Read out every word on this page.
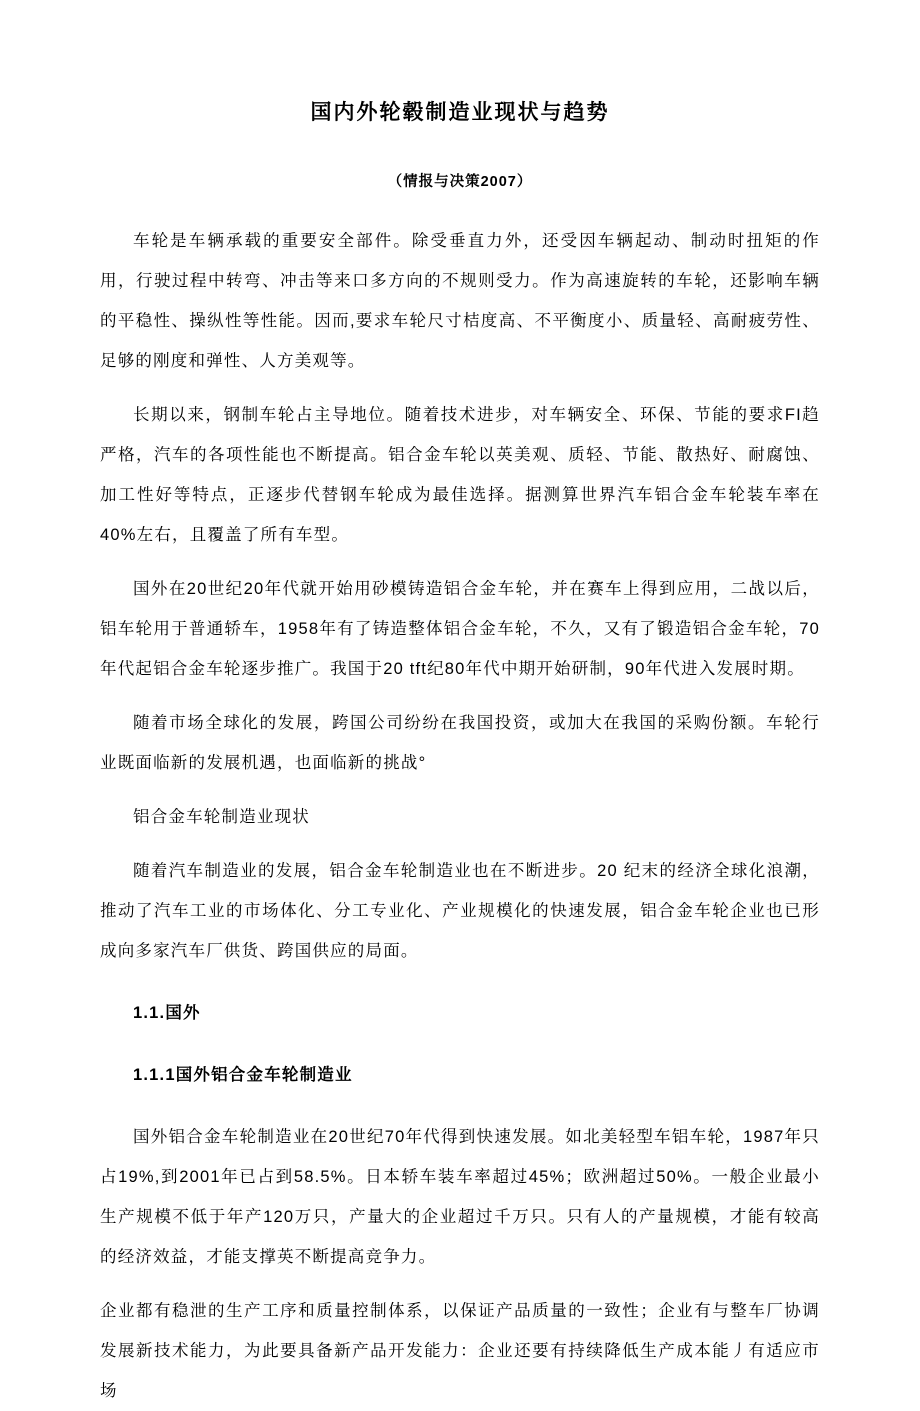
国内外轮毂制造业现状与趋势
（情报与决策2007）

车轮是车辆承载的重要安全部件。除受垂直力外，还受因车辆起动、制动时扭矩的作用，行驶过程中转弯、冲击等来口多方向的不规则受力。作为高速旋转的车轮，还影响车辆的平稳性、操纵性等性能。因而,要求车轮尺寸桔度高、不平衡度小、质量轻、高耐疲劳性、足够的刚度和弹性、人方美观等。

长期以来，钢制车轮占主导地位。随着技术进步，对车辆安全、环保、节能的要求FI趋严格，汽车的各项性能也不断提高。铝合金车轮以英美观、质轻、节能、散热好、耐腐蚀、加工性好等特点，正逐步代替钢车轮成为最佳选择。据测算世界汽车铝合金车轮装车率在40%左右，且覆盖了所有车型。

国外在20世纪20年代就开始用砂模铸造铝合金车轮，并在赛车上得到应用，二战以后，铝车轮用于普通轿车，1958年有了铸造整体铝合金车轮，不久，又有了锻造铝合金车轮，70年代起铝合金车轮逐步推广。我国于20 tft纪80年代中期开始研制，90年代进入发展时期。

随着市场全球化的发展，跨国公司纷纷在我国投资，或加大在我国的采购份额。车轮行业既面临新的发展机遇，也面临新的挑战°

铝合金车轮制造业现状

随着汽车制造业的发展，铝合金车轮制造业也在不断进步。20 纪末的经济全球化浪潮，推动了汽车工业的市场体化、分工专业化、产业规模化的快速发展，铝合金车轮企业也已形成向多家汽车厂供货、跨国供应的局面。

1.1.国外

1.1.1国外铝合金车轮制造业

国外铝合金车轮制造业在20世纪70年代得到快速发展。如北美轻型车铝车轮，1987年只占19%,到2001年已占到58.5%。日本轿车装车率超过45%；欧洲超过50%。一般企业最小生产规模不低于年产120万只，产量大的企业超过千万只。只有人的产量规模，才能有较高的经济效益，才能支撑英不断提高竞争力。

企业都有稳泄的生产工序和质量控制体系，以保证产品质量的一致性；企业有与整车厂协调发展新技术能力，为此要具备新产品开发能力：企业还要有持续降低生产成本能丿有适应市场
